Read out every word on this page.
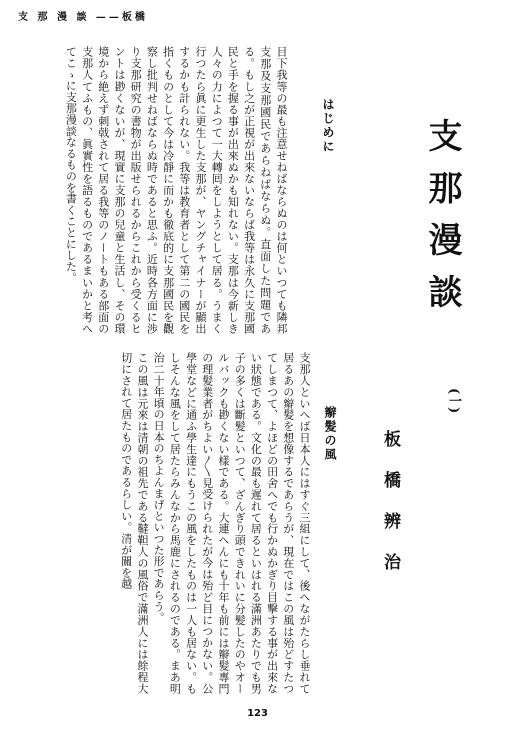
支 那 漫 談 ——板橋
支那漫談
(一)
板橋辨治
はじめに
目下我等の最も注意せねばならぬのは何といつても隣邦支那及支那國民であらねばならぬ。直面した問題である。もし之が正視が出來ないならば我等は永久に支那國民と手を握る事が出來ぬかも知れない。支那は今新しき人々の力によつて一大轉囘をしようとして居る。うまく行つたら眞に更生した支那が、ヤングチャイナーが顯出するかも計られない。我等は教育者として第二の國民を指くものとして今は冷靜に而かも徹底的に支那國民を觀察し批判せねばならぬ時であると思ふ。近時各方面に渉り支那研究の書物が出版せられるからこれから受くるヒントは尠くないが、現實に支那の兒童と生活し、その環境から絶えず刺戟されて居る我等のノートもある部面の支那人てふもの、眞實性を語るものであるまいかと考へてこゝに支那漫談なるものを書くことにした。
辮髪の風
支那人といへば日本人にはすぐ三組にして、後へながたらし垂れて居るあの辮髪を想像するであらうが、現在ではこの風は殆どすたつてしまつて、よほどの田舍へでも行かぬかぎり目撃する事が出來ない狀態である。文化の最も遲れて居るといはれる滿洲あたりでも男子の多くは斷髪といつて、ざんぎり頭できれいに分髪したのやオールバックも尠くない樣である。大連へんにも十年も前には辮髪專門の理髪業者がちよい〳〵見受けられたが今は殆ど目につかない。公學堂などに通ふ學生達にもうこの風をしたものは一人も居ない。もしそんな風をして居たらみんなから馬鹿にされるのである。まあ明治二十年頃の日本のちよんまげといつた形であらう。
この風は元來は清朝の祖先である韃靼人の風俗で滿洲人には餘程大切にされて居たものであるらしい。清が關を越
123
